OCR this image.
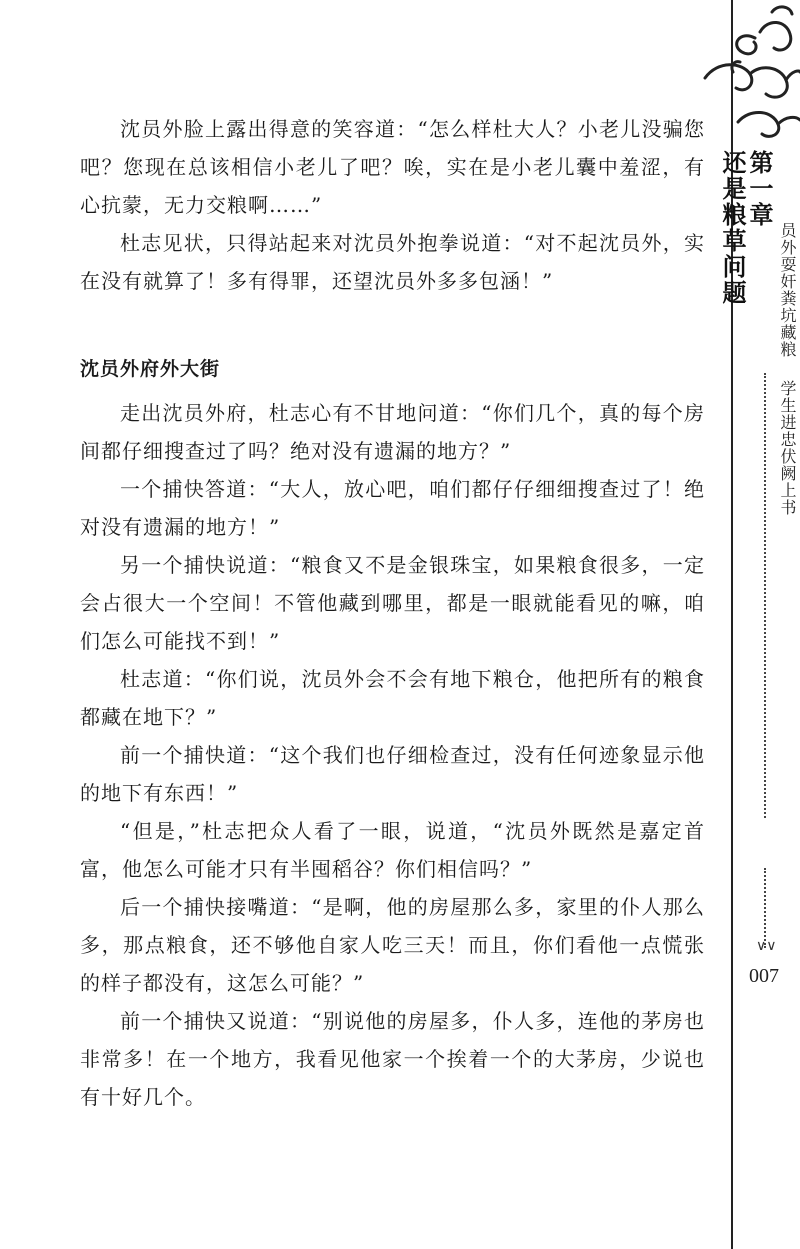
沈员外脸上露出得意的笑容道：“怎么样杜大人？小老儿没骗您吧？您现在总该相信小老儿了吧？唉，实在是小老儿囊中羞涩，有心抗蒙，无力交粮啊……”

杜志见状，只得站起来对沈员外抱拳说道：“对不起沈员外，实在没有就算了！多有得罪，还望沈员外多多包涵！”

沈员外府外大街

走出沈员外府，杜志心有不甘地问道：“你们几个，真的每个房间都仔细搜查过了吗？绝对没有遗漏的地方？”

一个捕快答道：“大人，放心吧，咱们都仔仔细细搜查过了！绝对没有遗漏的地方！”

另一个捕快说道：“粮食又不是金银珠宝，如果粮食很多，一定会占很大一个空间！不管他藏到哪里，都是一眼就能看见的嘛，咱们怎么可能找不到！”

杜志道：“你们说，沈员外会不会有地下粮仓，他把所有的粮食都藏在地下？”

前一个捕快道：“这个我们也仔细检查过，没有任何迹象显示他的地下有东西！”

“但是，”杜志把众人看了一眼，说道，“沈员外既然是嘉定首富，他怎么可能才只有半囤稻谷？你们相信吗？”

后一个捕快接嘴道：“是啊，他的房屋那么多，家里的仆人那么多，那点粮食，还不够他自家人吃三天！而且，你们看他一点慌张的样子都没有，这怎么可能？”

前一个捕快又说道：“别说他的房屋多，仆人多，连他的茅房也非常多！在一个地方，我看见他家一个挨着一个的大茅房，少说也有十好几个。

第一章
还是粮草问题 员外耍奸粪坑藏粮
学生进忠伏阙上书
∨∨
007
